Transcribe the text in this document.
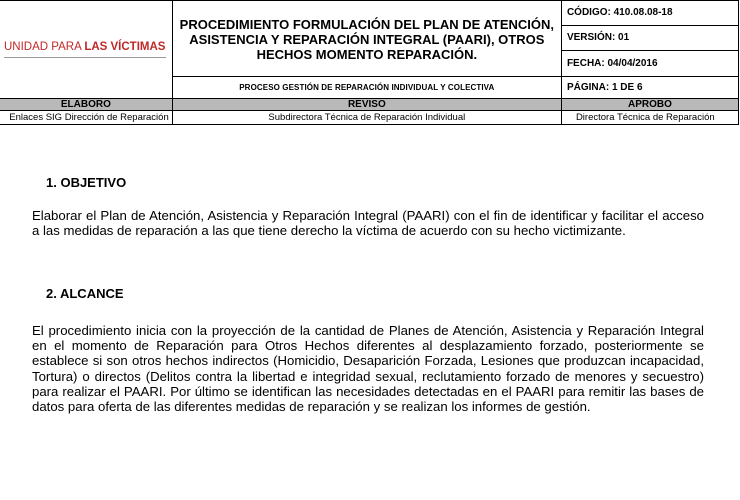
UNIDAD PARA LAS VÍCTIMAS	PROCEDIMIENTO FORMULACIÓN DEL PLAN DE ATENCIÓN, ASISTENCIA Y REPARACIÓN INTEGRAL (PAARI), OTROS HECHOS MOMENTO REPARACIÓN.	CÓDIGO: 410.08.08-18
VERSIÓN: 01
FECHA: 04/04/2016

	PROCESO GESTIÓN DE REPARACIÓN INDIVIDUAL Y COLECTIVA	PÁGINA: 1 DE 6
ELABORO	REVISO	APROBO
Enlaces SIG Dirección de Reparación	Subdirectora Técnica de Reparación Individual	Directora Técnica de Reparación
1. OBJETIVO

Elaborar el Plan de Atención, Asistencia y Reparación Integral (PAARI) con el fin de identificar y facilitar el acceso a las medidas de reparación a las que tiene derecho la víctima de acuerdo con su hecho victimizante.

2. ALCANCE

El procedimiento inicia con la proyección de la cantidad de Planes de Atención, Asistencia y Reparación Integral en el momento de Reparación para Otros Hechos diferentes al desplazamiento forzado, posteriormente se establece si son otros hechos indirectos (Homicidio, Desaparición Forzada, Lesiones que produzcan incapacidad, Tortura) o directos (Delitos contra la libertad e integridad sexual, reclutamiento forzado de menores y secuestro) para realizar el PAARI. Por último se identifican las necesidades detectadas en el PAARI para remitir las bases de datos para oferta de las diferentes medidas de reparación y se realizan los informes de gestión.
